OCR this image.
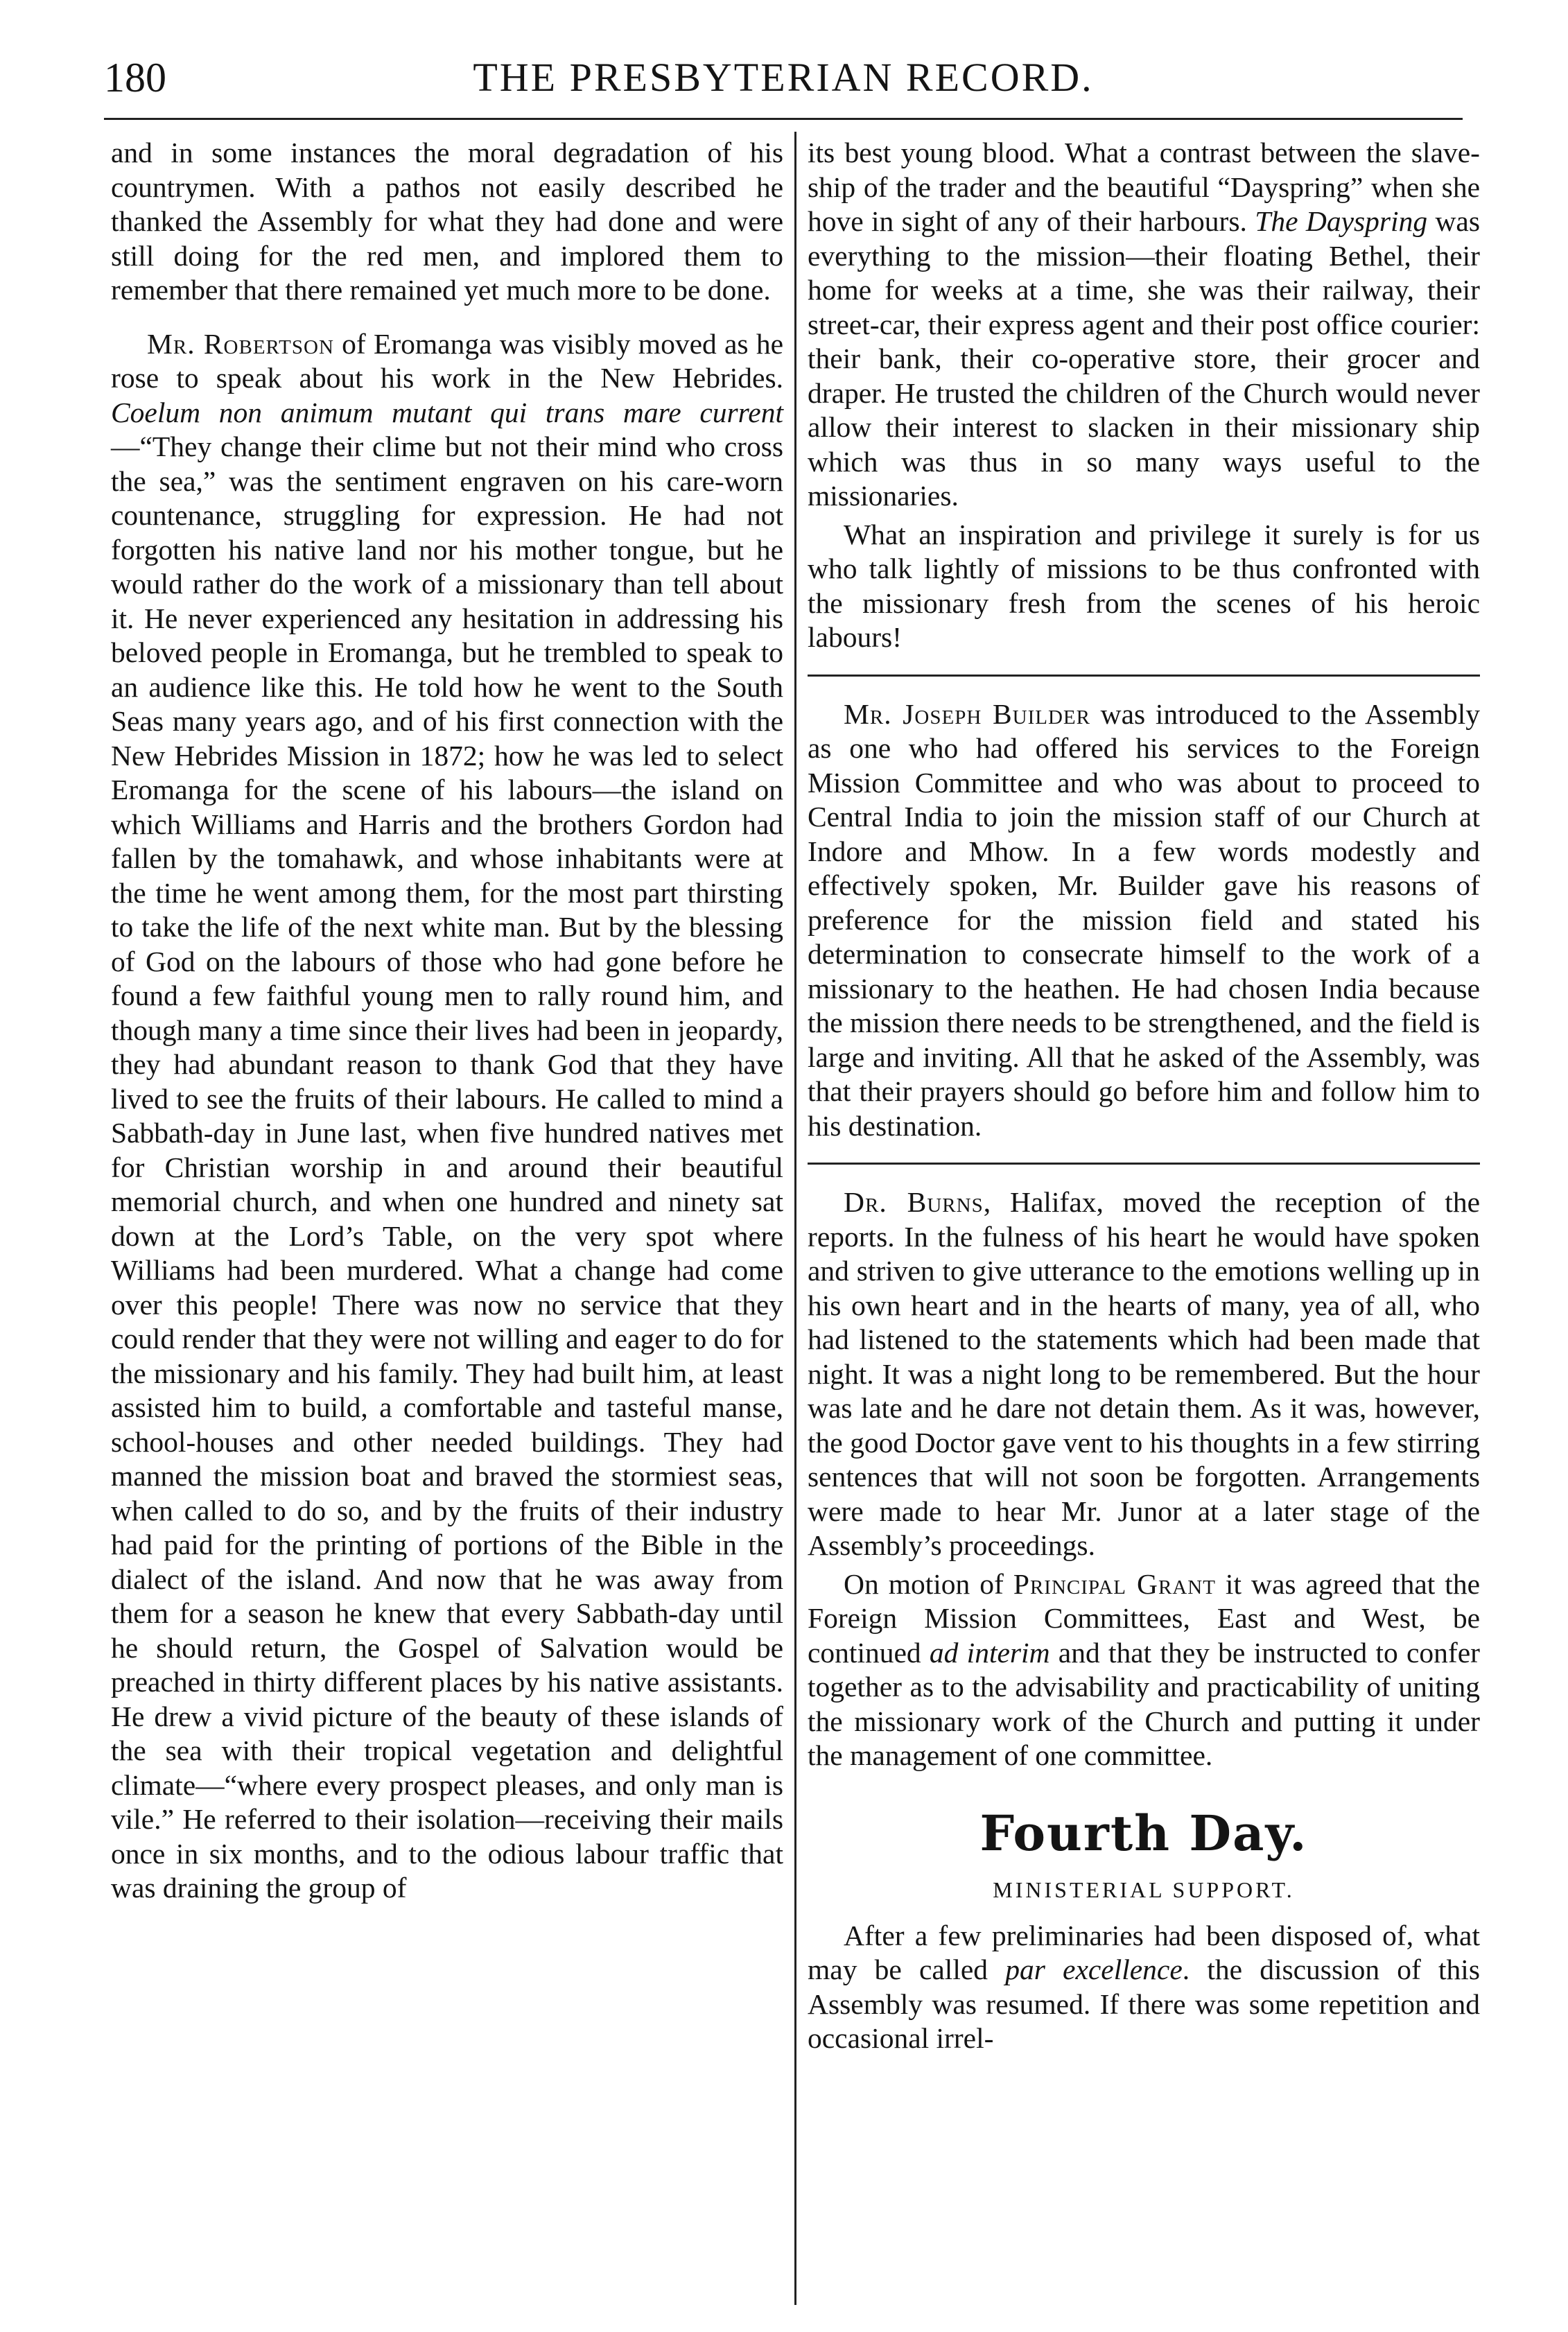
180	THE PRESBYTERIAN RECORD.

and in some instances the moral degradation of his countrymen. With a pathos not easily described he thanked the Assembly for what they had done and were still doing for the red men, and implored them to remember that there remained yet much more to be done.

Mr. Robertson of Eromanga was visibly moved as he rose to speak about his work in the New Hebrides. Coelum non animum mutant qui trans mare current—“They change their clime but not their mind who cross the sea,” was the sentiment engraven on his care-worn countenance, struggling for expression. He had not forgotten his native land nor his mother tongue, but he would rather do the work of a missionary than tell about it. He never experienced any hesitation in addressing his beloved people in Eromanga, but he trembled to speak to an audience like this. He told how he went to the South Seas many years ago, and of his first connection with the New Hebrides Mission in 1872; how he was led to select Eromanga for the scene of his labours—the island on which Williams and Harris and the brothers Gordon had fallen by the tomahawk, and whose inhabitants were at the time he went among them, for the most part thirsting to take the life of the next white man. But by the blessing of God on the labours of those who had gone before he found a few faithful young men to rally round him, and though many a time since their lives had been in jeopardy, they had abundant reason to thank God that they have lived to see the fruits of their labours. He called to mind a Sabbath-day in June last, when five hundred natives met for Christian worship in and around their beautiful memorial church, and when one hundred and ninety sat down at the Lord’s Table, on the very spot where Williams had been murdered. What a change had come over this people! There was now no service that they could render that they were not willing and eager to do for the missionary and his family. They had built him, at least assisted him to build, a comfortable and tasteful manse, school-houses and other needed buildings. They had manned the mission boat and braved the stormiest seas, when called to do so, and by the fruits of their industry had paid for the printing of portions of the Bible in the dialect of the island. And now that he was away from them for a season he knew that every Sabbath-day until he should return, the Gospel of Salvation would be preached in thirty different places by his native assistants. He drew a vivid picture of the beauty of these islands of the sea with their tropical vegetation and delightful climate—“where every prospect pleases, and only man is vile.” He referred to their isolation—receiving their mails once in six months, and to the odious labour traffic that was draining the group of

its best young blood. What a contrast between the slave-ship of the trader and the beautiful “Dayspring” when she hove in sight of any of their harbours. The Dayspring was everything to the mission—their floating Bethel, their home for weeks at a time, she was their railway, their street-car, their express agent and their post office courier: their bank, their co-operative store, their grocer and draper. He trusted the children of the Church would never allow their interest to slacken in their missionary ship which was thus in so many ways useful to the missionaries.

What an inspiration and privilege it surely is for us who talk lightly of missions to be thus confronted with the missionary fresh from the scenes of his heroic labours!

Mr. Joseph Builder was introduced to the Assembly as one who had offered his services to the Foreign Mission Committee and who was about to proceed to Central India to join the mission staff of our Church at Indore and Mhow. In a few words modestly and effectively spoken, Mr. Builder gave his reasons of preference for the mission field and stated his determination to consecrate himself to the work of a missionary to the heathen. He had chosen India because the mission there needs to be strengthened, and the field is large and inviting. All that he asked of the Assembly, was that their prayers should go before him and follow him to his destination.

Dr. Burns, Halifax, moved the reception of the reports. In the fulness of his heart he would have spoken and striven to give utterance to the emotions welling up in his own heart and in the hearts of many, yea of all, who had listened to the statements which had been made that night. It was a night long to be remembered. But the hour was late and he dare not detain them. As it was, however, the good Doctor gave vent to his thoughts in a few stirring sentences that will not soon be forgotten. Arrangements were made to hear Mr. Junor at a later stage of the Assembly’s proceedings.

On motion of Principal Grant it was agreed that the Foreign Mission Committees, East and West, be continued ad interim and that they be instructed to confer together as to the advisability and practicability of uniting the missionary work of the Church and putting it under the management of one committee.

Fourth Day.
MINISTERIAL SUPPORT.

After a few preliminaries had been disposed of, what may be called par excellence. the discussion of this Assembly was resumed. If there was some repetition and occasional irrel-
